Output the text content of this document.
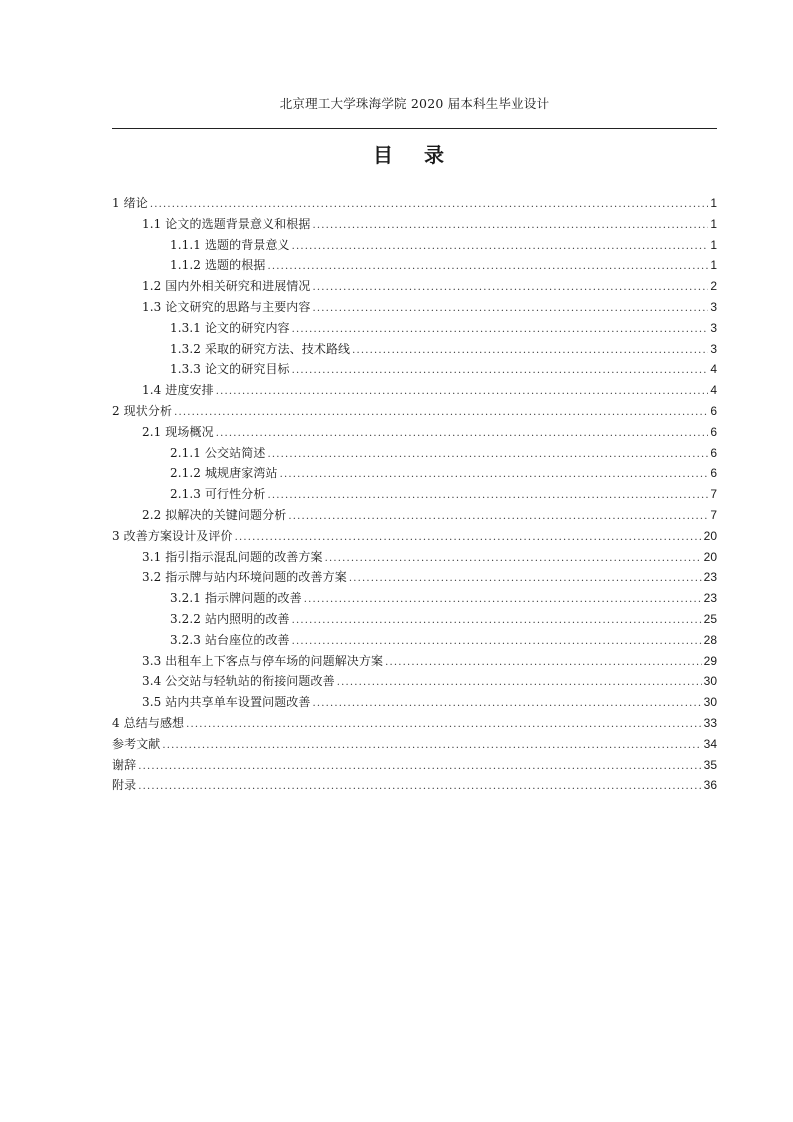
北京理工大学珠海学院 2020 届本科生毕业设计
目 录
1 绪论 .....	1
1.1 论文的选题背景意义和根据 .....	1
1.1.1 选题的背景意义 .....	1
1.1.2 选题的根据 .....	1
1.2 国内外相关研究和进展情况 .....	2
1.3 论文研究的思路与主要内容 .....	3
1.3.1 论文的研究内容 .....	3
1.3.2 采取的研究方法、技术路线 .....	3
1.3.3 论文的研究目标 .....	4
1.4 进度安排 .....	4
2 现状分析 .....	6
2.1 现场概况 .....	6
2.1.1 公交站简述 .....	6
2.1.2 城规唐家湾站 .....	6
2.1.3 可行性分析 .....	7
2.2 拟解决的关键问题分析 .....	7
3 改善方案设计及评价 .....	20
3.1 指引指示混乱问题的改善方案 .....	20
3.2 指示牌与站内环境问题的改善方案 .....	23
3.2.1 指示牌问题的改善 .....	23
3.2.2 站内照明的改善 .....	25
3.2.3 站台座位的改善 .....	28
3.3 出租车上下客点与停车场的问题解决方案 .....	29
3.4 公交站与轻轨站的衔接问题改善 .....	30
3.5 站内共享单车设置问题改善 .....	30
4 总结与感想 .....	33
参考文献 .....	34
谢辞 .....	35
附录 .....	36
